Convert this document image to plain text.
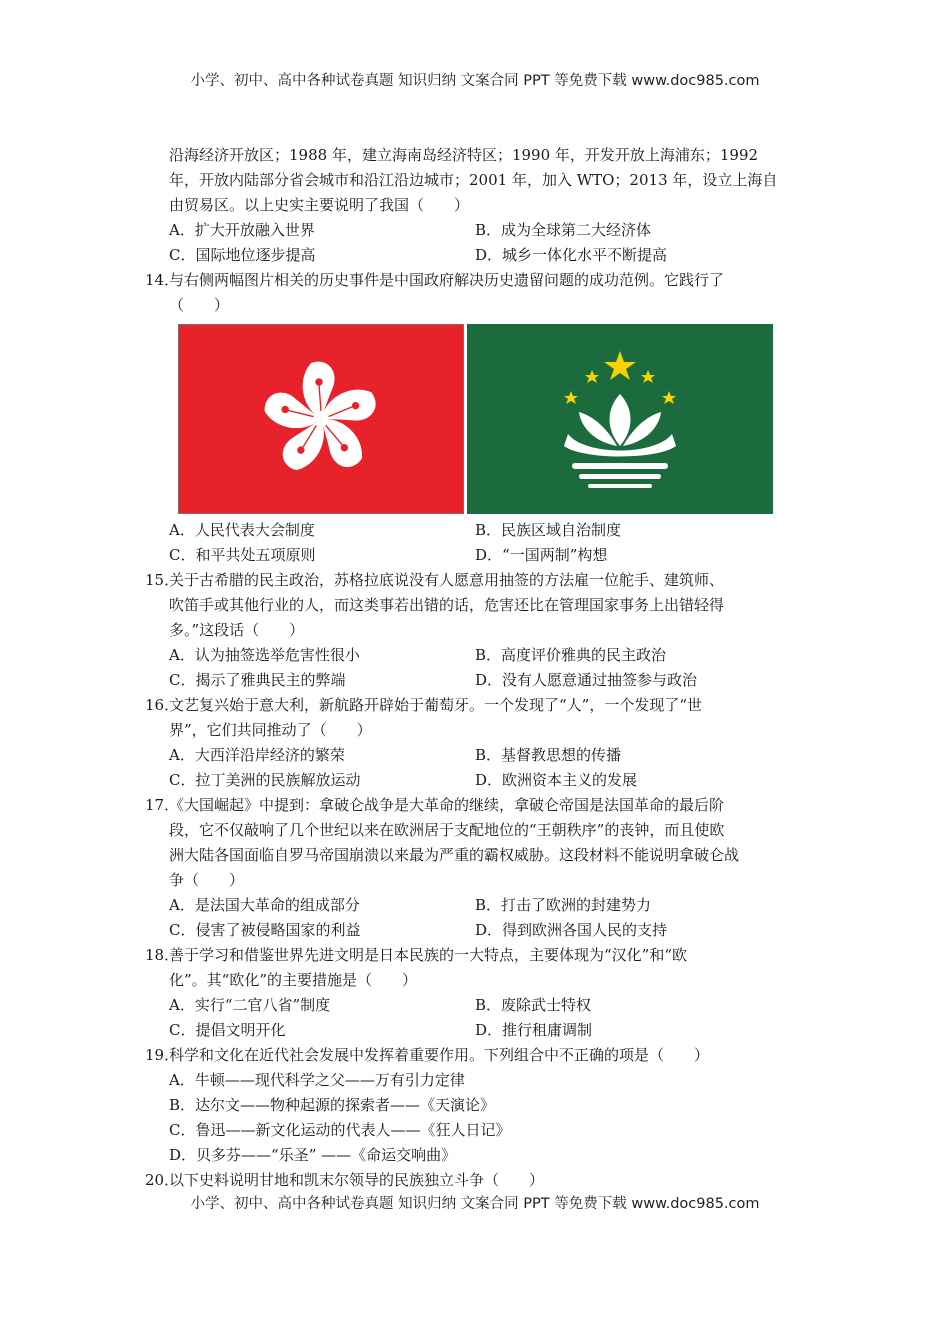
小学、初中、高中各种试卷真题 知识归纳 文案合同 PPT 等免费下载 www.doc985.com
沿海经济开放区；1988 年，建立海南岛经济特区；1990 年，开发开放上海浦东；1992
年，开放内陆部分省会城市和沿江沿边城市；2001 年，加入 WTO；2013 年，设立上海自
由贸易区。以上史实主要说明了我国（　　）
A．扩大开放融入世界	B．成为全球第二大经济体
C．国际地位逐步提高	D．城乡一体化水平不断提高
14．
与右侧两幅图片相关的历史事件是中国政府解决历史遗留问题的成功范例。它践行了
（　　）
A．人民代表大会制度	B．民族区域自治制度
C．和平共处五项原则	D．“一国两制”构想
15．
关于古希腊的民主政治，苏格拉底说没有人愿意用抽签的方法雇一位舵手、建筑师、
吹笛手或其他行业的人，而这类事若出错的话，危害还比在管理国家事务上出错轻得
多。”这段话（　　）
A．认为抽签选举危害性很小	B．高度评价雅典的民主政治
C．揭示了雅典民主的弊端	D．没有人愿意通过抽签参与政治
16．
文艺复兴始于意大利，新航路开辟始于葡萄牙。一个发现了“人”，一个发现了“世
界”，它们共同推动了（　　）
A．大西洋沿岸经济的繁荣	B．基督教思想的传播
C．拉丁美洲的民族解放运动	D．欧洲资本主义的发展
17．
《大国崛起》中提到：拿破仑战争是大革命的继续，拿破仑帝国是法国革命的最后阶
段，它不仅敲响了几个世纪以来在欧洲居于支配地位的“王朝秩序”的丧钟，而且使欧
洲大陆各国面临自罗马帝国崩溃以来最为严重的霸权威胁。这段材料不能说明拿破仑战
争（　　）
A．是法国大革命的组成部分	B．打击了欧洲的封建势力
C．侵害了被侵略国家的利益	D．得到欧洲各国人民的支持
18．
善于学习和借鉴世界先进文明是日本民族的一大特点，主要体现为“汉化”和“欧
化”。其“欧化”的主要措施是（　　）
A．实行“二官八省”制度	B．废除武士特权
C．提倡文明开化	D．推行租庸调制
19．
科学和文化在近代社会发展中发挥着重要作用。下列组合中不正确的项是（　　）
A．牛顿——现代科学之父——万有引力定律
B．达尔文——物种起源的探索者——《天演论》
C．鲁迅——新文化运动的代表人——《狂人日记》
D．贝多芬——“乐圣” ——《命运交响曲》
20．
以下史料说明甘地和凯末尔领导的民族独立斗争（　　）
小学、初中、高中各种试卷真题 知识归纳 文案合同 PPT 等免费下载 www.doc985.com
